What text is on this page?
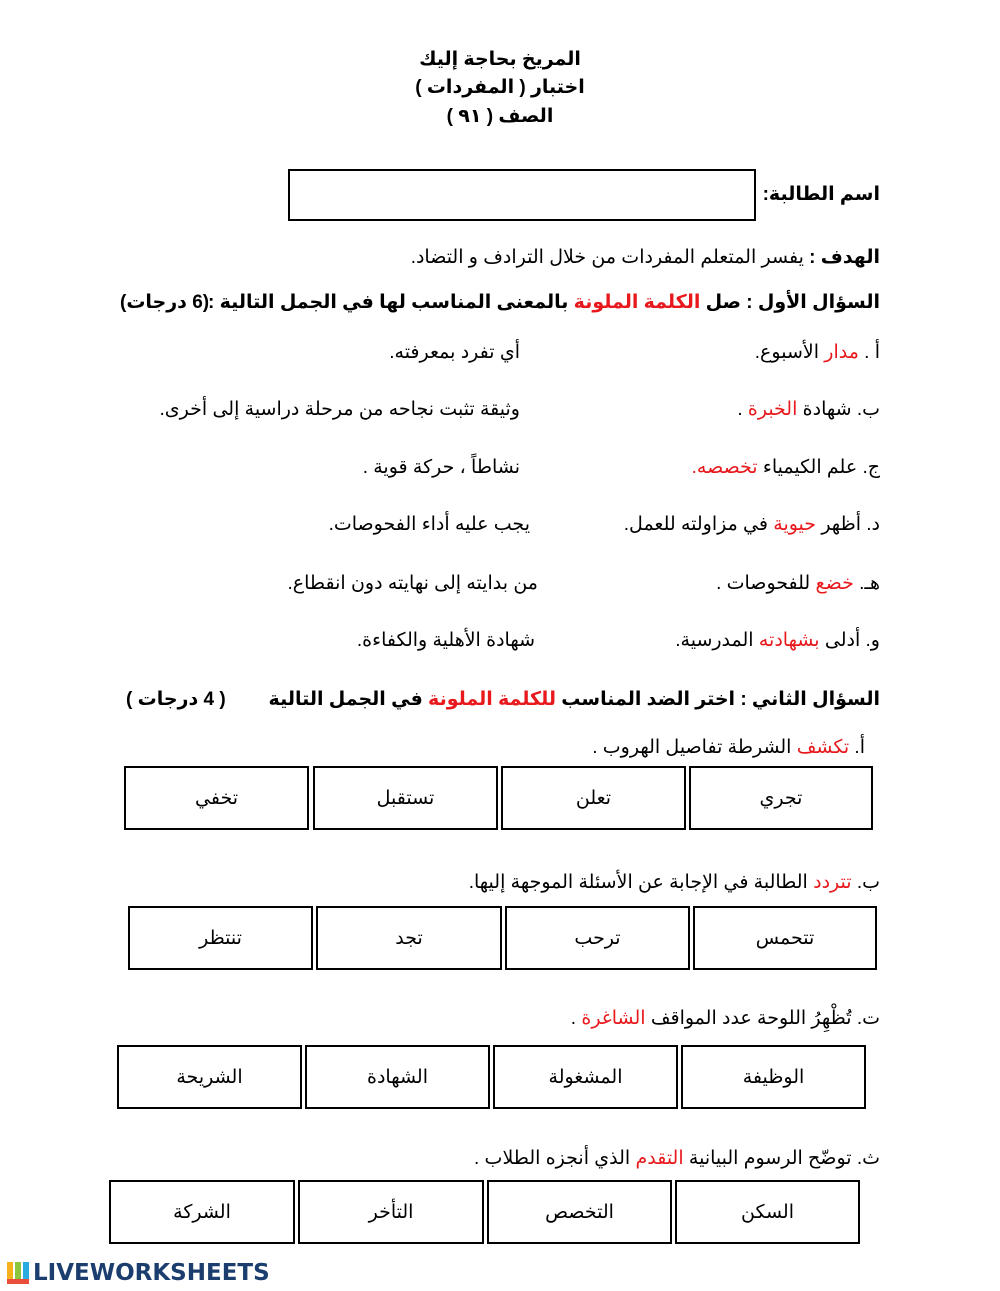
المريخ بحاجة إليك
اختبار ( المفردات )
الصف ( ٩١ )
اسم الطالبة:
الهدف : يفسر المتعلم المفردات من خلال الترادف و التضاد.
السؤال الأول : صل الكلمة الملونة بالمعنى المناسب لها في الجمل التالية :
(6 درجات)
أ . مدار الأسبوع.
أي تفرد بمعرفته.
ب. شهادة الخبرة .
وثيقة تثبت نجاحه من مرحلة دراسية إلى أخرى.
ج. علم الكيمياء تخصصه.
نشاطاً ، حركة قوية .
د. أظهر حيوية في مزاولته للعمل.
يجب عليه أداء الفحوصات.
هـ. خضع للفحوصات .
من بدايته إلى نهايته دون انقطاع.
و. أدلى بشهادته المدرسية.
شهادة الأهلية والكفاءة.
السؤال الثاني : اختر الضد المناسب للكلمة الملونة في الجمل التالية
( 4 درجات )
أ. تكشف الشرطة تفاصيل الهروب .
تجري
تعلن
تستقبل
تخفي
ب. تتردد الطالبة في الإجابة عن الأسئلة الموجهة إليها.
تتحمس
ترحب
تجد
تنتظر
ت. تُظْهِرُ اللوحة عدد المواقف الشاغرة .
الوظيفة
المشغولة
الشهادة
الشريحة
ث. توضّح الرسوم البيانية التقدم الذي أنجزه الطلاب .
السكن
التخصص
التأخر
الشركة
LIVEWORKSHEETS
